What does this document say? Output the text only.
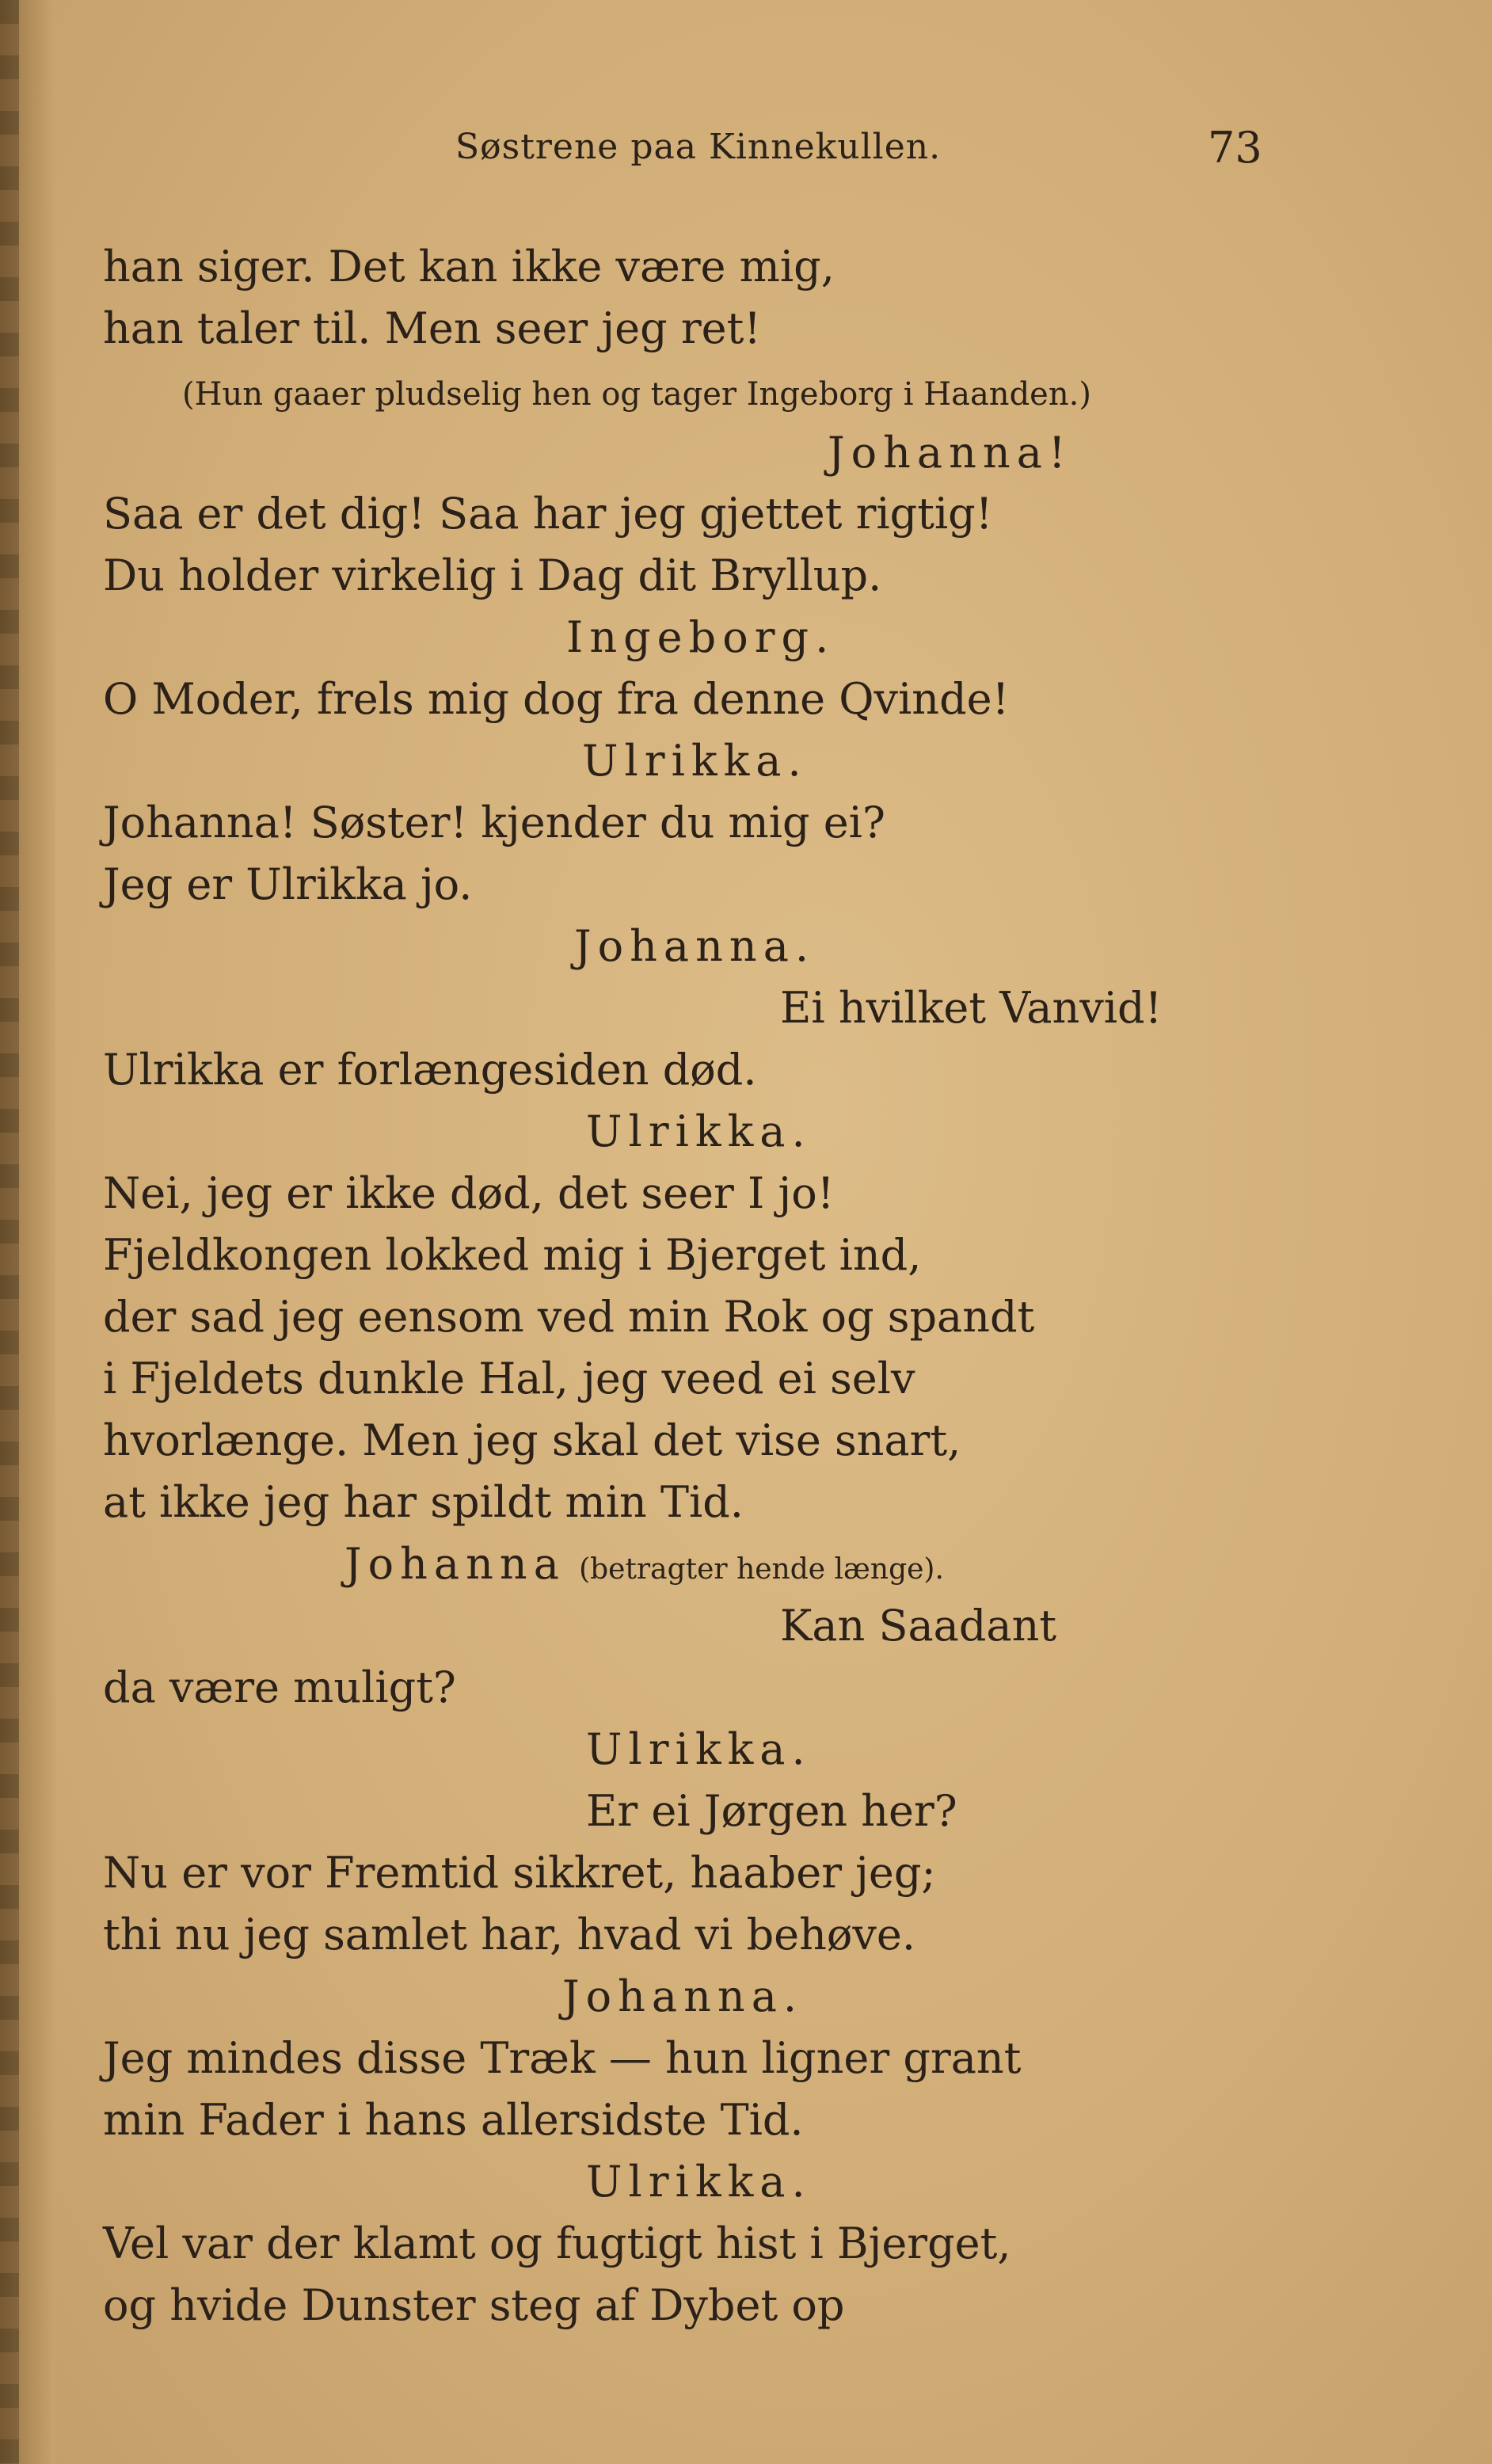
Søstrene paa Kinnekullen.	73
han siger. Det kan ikke være mig,
han taler til. Men seer jeg ret!
(Hun gaaer pludselig hen og tager Ingeborg i Haanden.)
Johanna!
Saa er det dig! Saa har jeg gjettet rigtig!
Du holder virkelig i Dag dit Bryllup.
Ingeborg.
O Moder, frels mig dog fra denne Qvinde!
Ulrikka.
Johanna! Søster! kjender du mig ei?
Jeg er Ulrikka jo.
Johanna.
Ei hvilket Vanvid!
Ulrikka er forlængesiden død.
Ulrikka.
Nei, jeg er ikke død, det seer I jo!
Fjeldkongen lokked mig i Bjerget ind,
der sad jeg eensom ved min Rok og spandt
i Fjeldets dunkle Hal, jeg veed ei selv
hvorlænge. Men jeg skal det vise snart,
at ikke jeg har spildt min Tid.
Johanna (betragter hende længe).
Kan Saadant
da være muligt?
Ulrikka.
Er ei Jørgen her?
Nu er vor Fremtid sikkret, haaber jeg;
thi nu jeg samlet har, hvad vi behøve.
Johanna.
Jeg mindes disse Træk — hun ligner grant
min Fader i hans allersidste Tid.
Ulrikka.
Vel var der klamt og fugtigt hist i Bjerget,
og hvide Dunster steg af Dybet op
